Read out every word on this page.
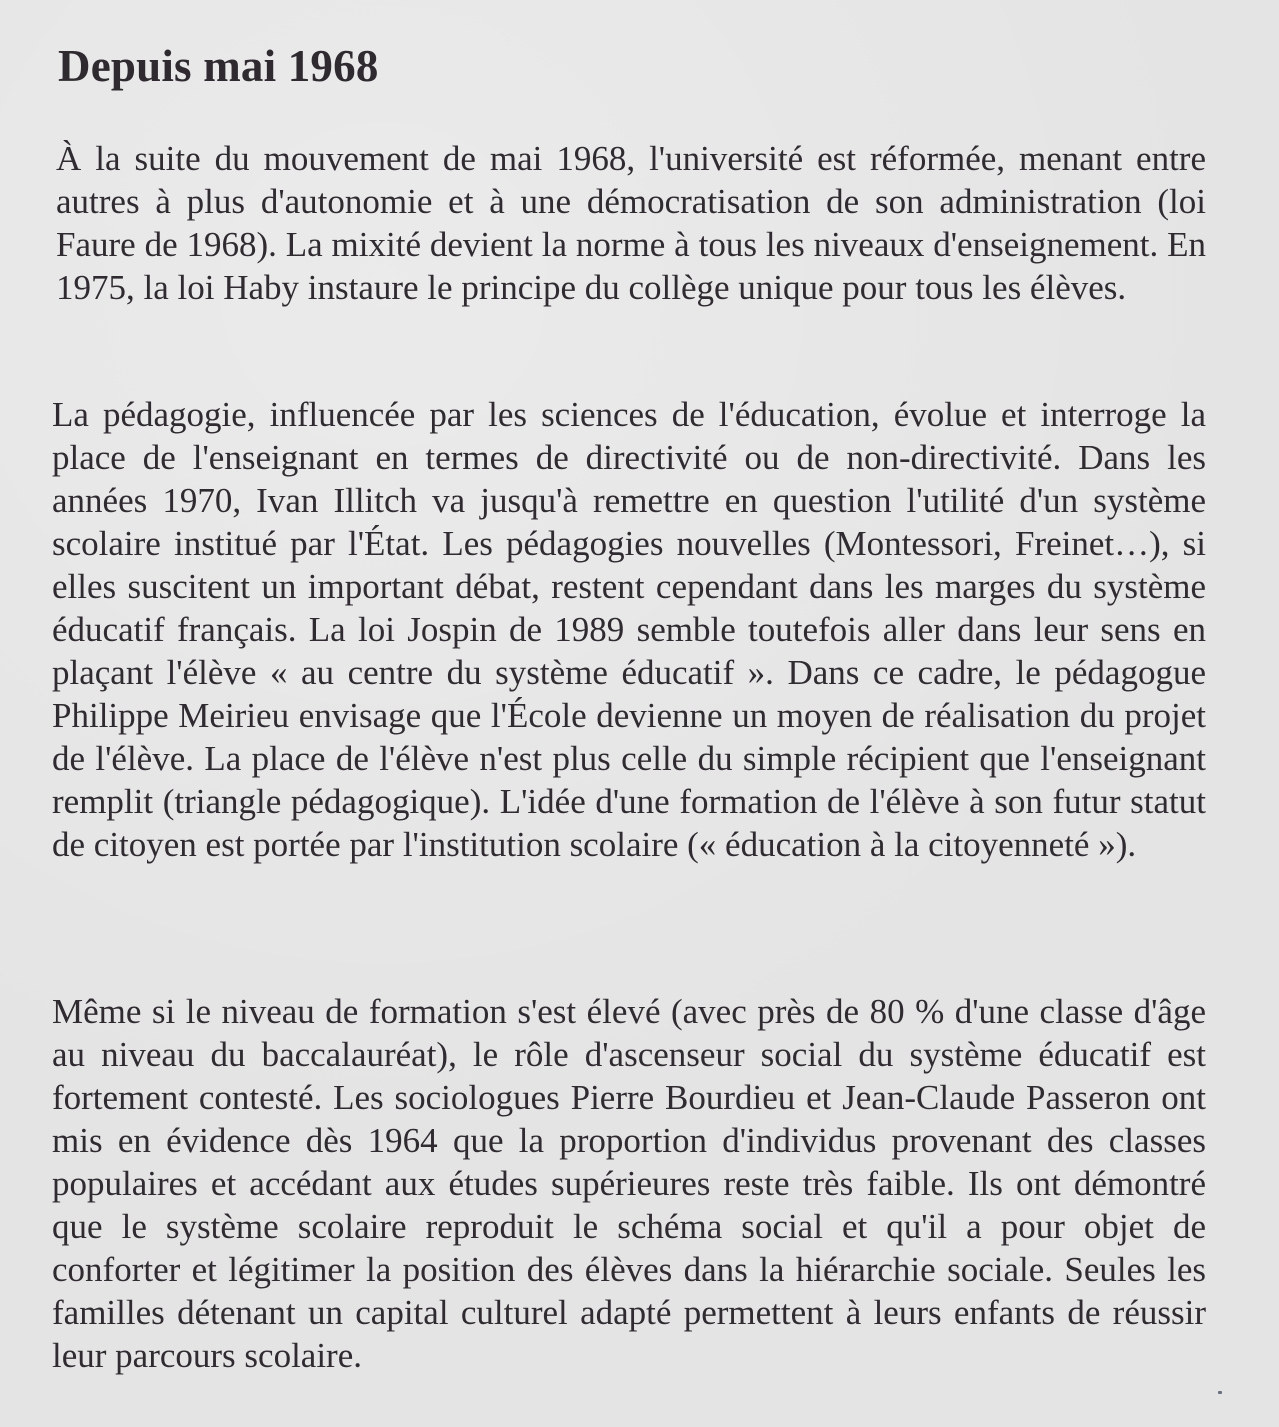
Depuis mai 1968

À la suite du mouvement de mai 1968, l'université est réformée, menant entre autres à plus d'autonomie et à une démocratisation de son administration (loi Faure de 1968). La mixité devient la norme à tous les niveaux d'enseignement. En 1975, la loi Haby instaure le principe du collège unique pour tous les élèves.

La pédagogie, influencée par les sciences de l'éducation, évolue et interroge la place de l'enseignant en termes de directivité ou de non-directivité. Dans les années 1970, Ivan Illitch va jusqu'à remettre en question l'utilité d'un système scolaire institué par l'État. Les pédagogies nouvelles (Montessori, Freinet…), si elles suscitent un important débat, restent cependant dans les marges du système éducatif français. La loi Jospin de 1989 semble toutefois aller dans leur sens en plaçant l'élève « au centre du système éducatif ». Dans ce cadre, le pédagogue Philippe Meirieu envisage que l'École devienne un moyen de réalisation du projet de l'élève. La place de l'élève n'est plus celle du simple récipient que l'enseignant remplit (triangle pédagogique). L'idée d'une formation de l'élève à son futur statut de citoyen est portée par l'institution scolaire (« éducation à la citoyenneté »).

Même si le niveau de formation s'est élevé (avec près de 80 % d'une classe d'âge au niveau du baccalauréat), le rôle d'ascenseur social du système éducatif est fortement contesté. Les sociologues Pierre Bourdieu et Jean-Claude Passeron ont mis en évidence dès 1964 que la proportion d'individus provenant des classes populaires et accédant aux études supérieures reste très faible. Ils ont démontré que le système scolaire reproduit le schéma social et qu'il a pour objet de conforter et légitimer la position des élèves dans la hiérarchie sociale. Seules les familles détenant un capital culturel adapté permettent à leurs enfants de réussir leur parcours scolaire.
